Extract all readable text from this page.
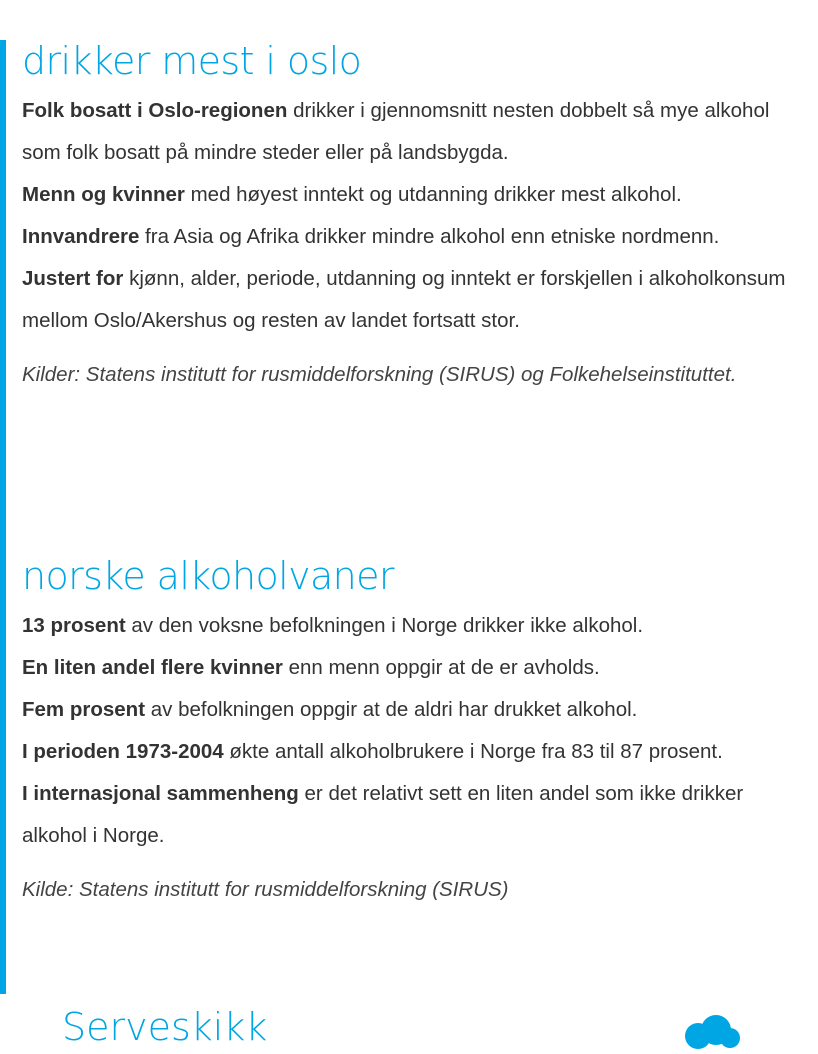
drikker mest i oslo

Folk bosatt i Oslo-regionen drikker i gjennomsnitt nesten dobbelt så mye alkohol som folk bosatt på mindre steder eller på landsbygda.

Menn og kvinner med høyest inntekt og utdanning drikker mest alkohol.

Innvandrere fra Asia og Afrika drikker mindre alkohol enn etniske nordmenn.

Justert for kjønn, alder, periode, utdanning og inntekt er forskjellen i alkoholkonsum mellom Oslo/Akershus og resten av landet fortsatt stor.

Kilder: Statens institutt for rusmiddelforskning (SIRUS) og Folkehelseinstituttet.

norske alkoholvaner

13 prosent av den voksne befolkningen i Norge drikker ikke alkohol.

En liten andel flere kvinner enn menn oppgir at de er avholds.

Fem prosent av befolkningen oppgir at de aldri har drukket alkohol.

I perioden 1973-2004 økte antall alkoholbrukere i Norge fra 83 til 87 prosent.

I internasjonal sammenheng er det relativt sett en liten andel som ikke drikker alkohol i Norge.

Kilde: Statens institutt for rusmiddelforskning (SIRUS)

Serveskikk
